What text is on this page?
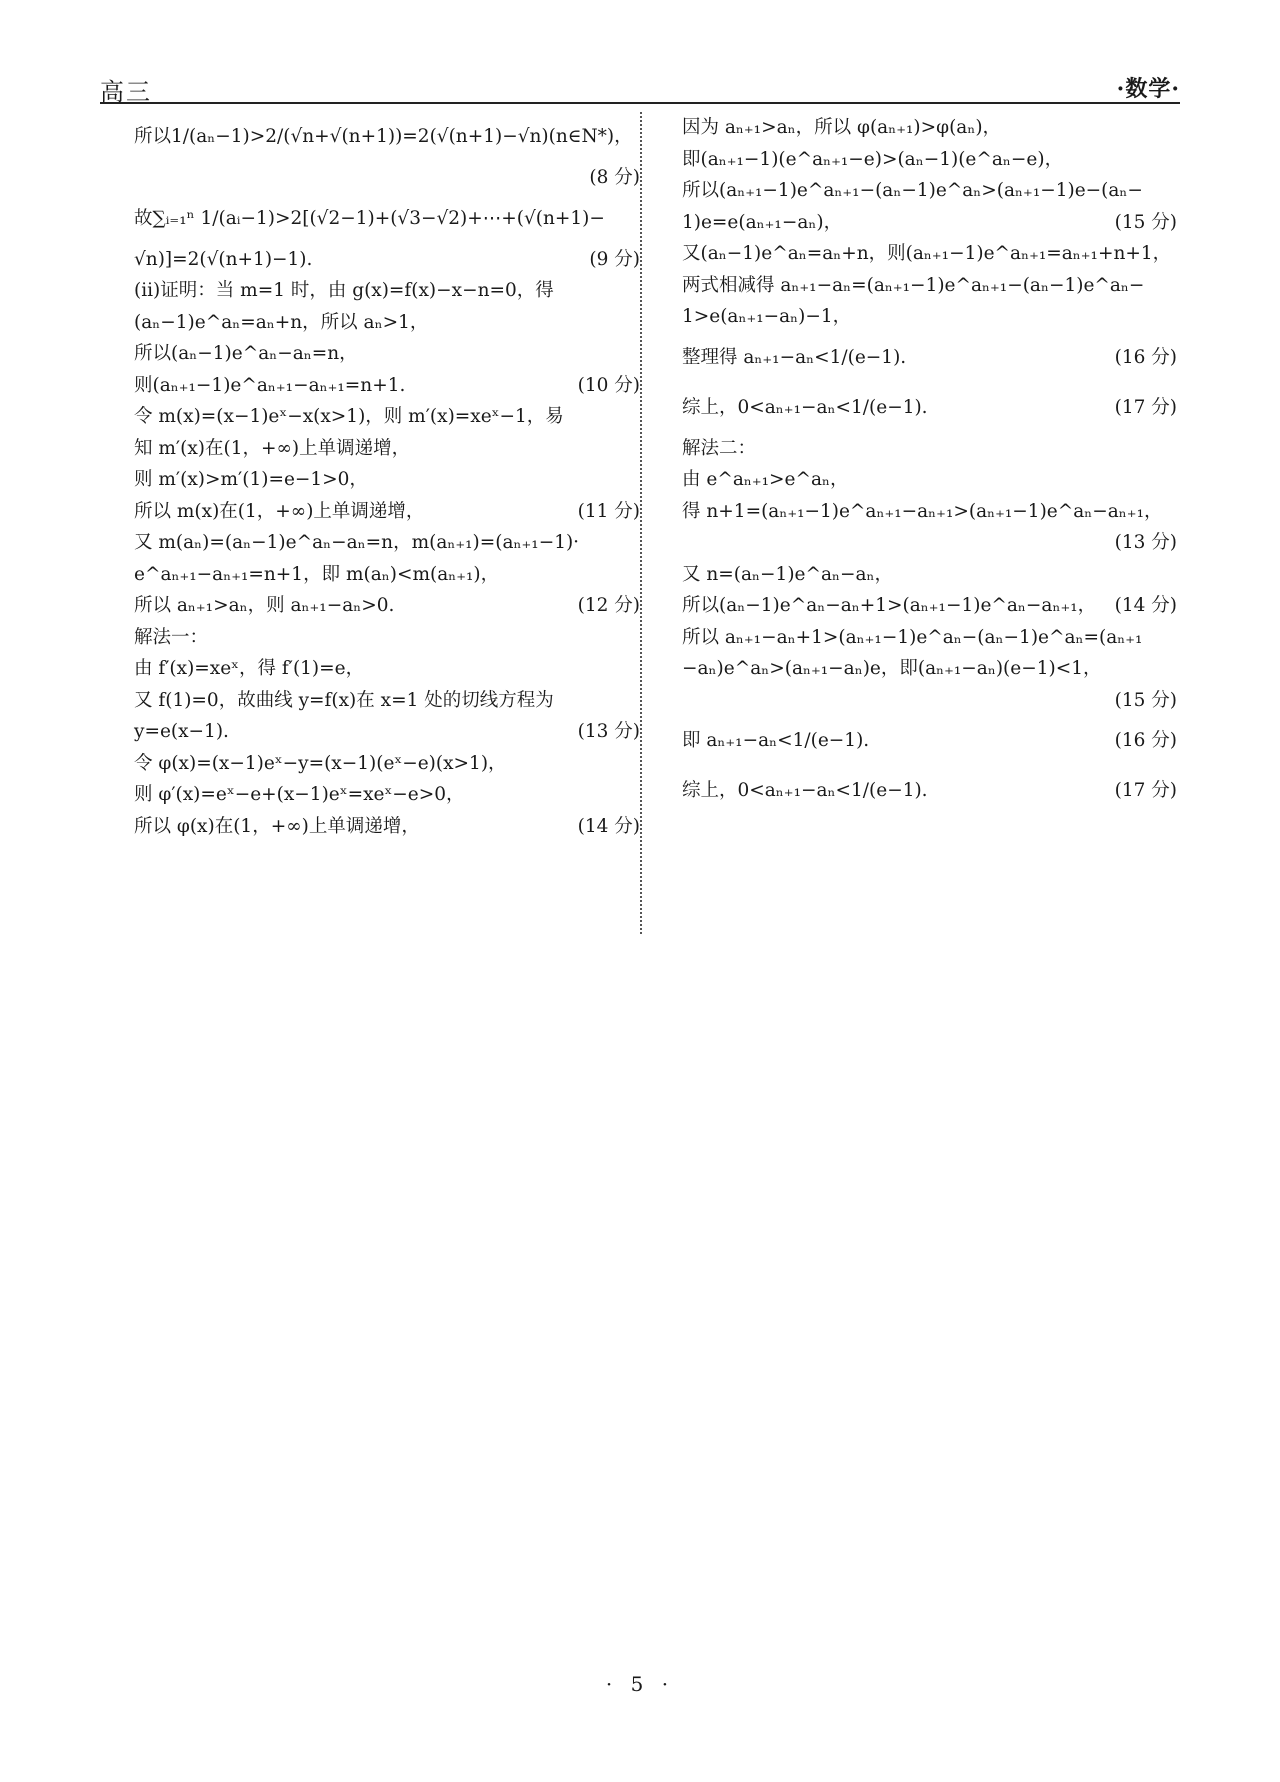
高三	·数学·
所以1/(aₙ−1)>2/(√n+√(n+1))=2(√(n+1)−√n)(n∈N*)，
(8 分)
故∑ᵢ₌₁ⁿ 1/(aᵢ−1)>2[(√2−1)+(√3−√2)+⋯+(√(n+1)−
√n)]=2(√(n+1)−1).	(9 分)
(ii)证明：当 m=1 时，由 g(x)=f(x)−x−n=0，得
(aₙ−1)e^aₙ=aₙ+n，所以 aₙ>1，
所以(aₙ−1)e^aₙ−aₙ=n，
则(aₙ₊₁−1)e^aₙ₊₁−aₙ₊₁=n+1.	(10 分)
令 m(x)=(x−1)eˣ−x(x>1)，则 m′(x)=xeˣ−1，易
知 m′(x)在(1，+∞)上单调递增，
则 m′(x)>m′(1)=e−1>0，
所以 m(x)在(1，+∞)上单调递增，	(11 分)
又 m(aₙ)=(aₙ−1)e^aₙ−aₙ=n，m(aₙ₊₁)=(aₙ₊₁−1)·
e^aₙ₊₁−aₙ₊₁=n+1，即 m(aₙ)<m(aₙ₊₁)，
所以 aₙ₊₁>aₙ，则 aₙ₊₁−aₙ>0.	(12 分)
解法一：
由 f′(x)=xeˣ，得 f′(1)=e，
又 f(1)=0，故曲线 y=f(x)在 x=1 处的切线方程为
y=e(x−1).	(13 分)
令 φ(x)=(x−1)eˣ−y=(x−1)(eˣ−e)(x>1)，
则 φ′(x)=eˣ−e+(x−1)eˣ=xeˣ−e>0，
所以 φ(x)在(1，+∞)上单调递增，	(14 分)
因为 aₙ₊₁>aₙ，所以 φ(aₙ₊₁)>φ(aₙ)，
即(aₙ₊₁−1)(e^aₙ₊₁−e)>(aₙ−1)(e^aₙ−e)，
所以(aₙ₊₁−1)e^aₙ₊₁−(aₙ−1)e^aₙ>(aₙ₊₁−1)e−(aₙ−
1)e=e(aₙ₊₁−aₙ)，	(15 分)
又(aₙ−1)e^aₙ=aₙ+n，则(aₙ₊₁−1)e^aₙ₊₁=aₙ₊₁+n+1，
两式相减得 aₙ₊₁−aₙ=(aₙ₊₁−1)e^aₙ₊₁−(aₙ−1)e^aₙ−
1>e(aₙ₊₁−aₙ)−1，
整理得 aₙ₊₁−aₙ<1/(e−1).	(16 分)
综上，0<aₙ₊₁−aₙ<1/(e−1).	(17 分)
解法二：
由 e^aₙ₊₁>e^aₙ，
得 n+1=(aₙ₊₁−1)e^aₙ₊₁−aₙ₊₁>(aₙ₊₁−1)e^aₙ−aₙ₊₁，
(13 分)
又 n=(aₙ−1)e^aₙ−aₙ，
所以(aₙ−1)e^aₙ−aₙ+1>(aₙ₊₁−1)e^aₙ−aₙ₊₁， (14 分)
所以 aₙ₊₁−aₙ+1>(aₙ₊₁−1)e^aₙ−(aₙ−1)e^aₙ=(aₙ₊₁
−aₙ)e^aₙ>(aₙ₊₁−aₙ)e，即(aₙ₊₁−aₙ)(e−1)<1，
(15 分)
即 aₙ₊₁−aₙ<1/(e−1).	(16 分)
综上，0<aₙ₊₁−aₙ<1/(e−1).	(17 分)
· 5 ·
